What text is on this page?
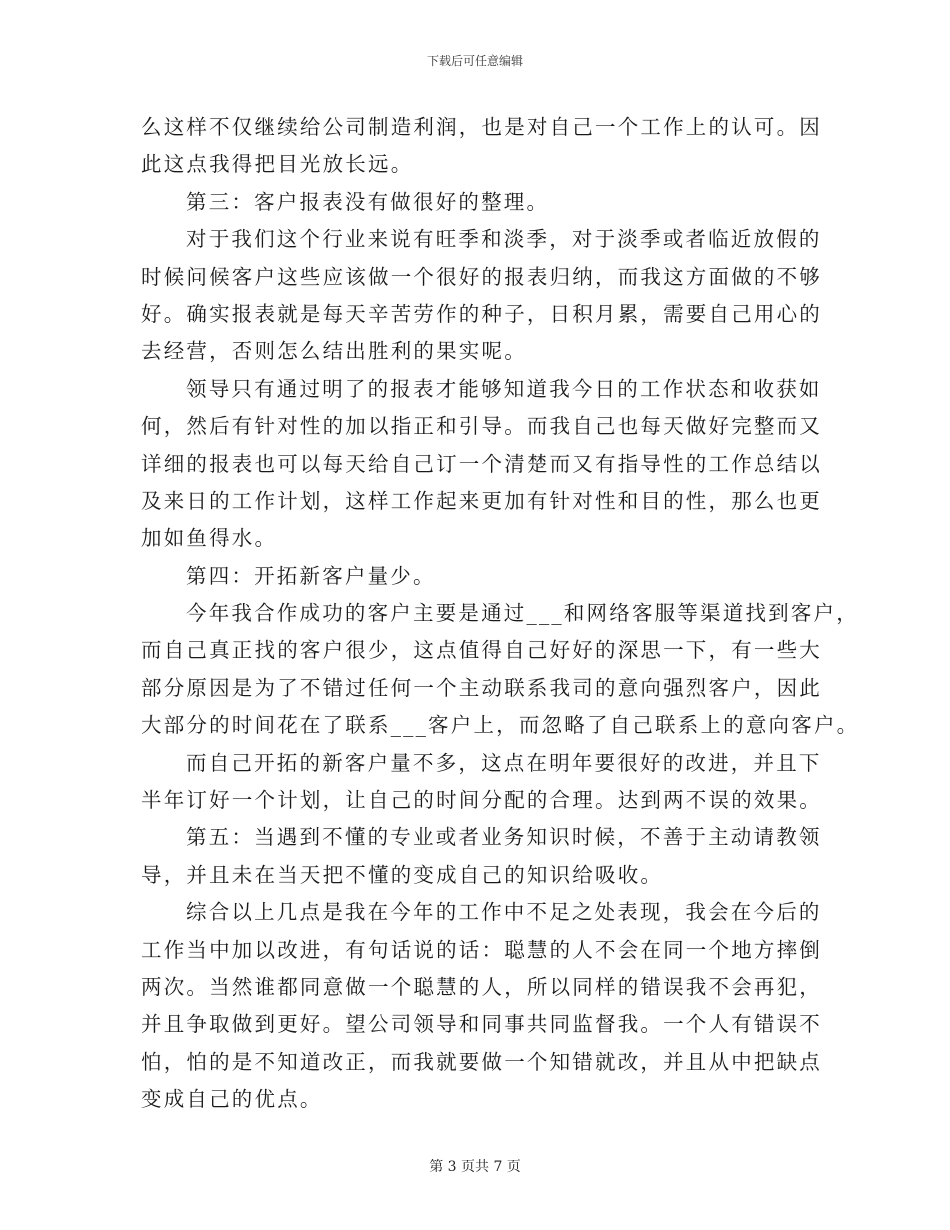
下载后可任意编辑
么这样不仅继续给公司制造利润，也是对自己一个工作上的认可。因
此这点我得把目光放长远。
第三：客户报表没有做很好的整理。
对于我们这个行业来说有旺季和淡季，对于淡季或者临近放假的
时候问候客户这些应该做一个很好的报表归纳，而我这方面做的不够
好。确实报表就是每天辛苦劳作的种子，日积月累，需要自己用心的
去经营，否则怎么结出胜利的果实呢。
领导只有通过明了的报表才能够知道我今日的工作状态和收获如
何，然后有针对性的加以指正和引导。而我自己也每天做好完整而又
详细的报表也可以每天给自己订一个清楚而又有指导性的工作总结以
及来日的工作计划，这样工作起来更加有针对性和目的性，那么也更
加如鱼得水。
第四：开拓新客户量少。
今年我合作成功的客户主要是通过___和网络客服等渠道找到客户，
而自己真正找的客户很少，这点值得自己好好的深思一下，有一些大
部分原因是为了不错过任何一个主动联系我司的意向强烈客户，因此
大部分的时间花在了联系___客户上，而忽略了自己联系上的意向客户。
而自己开拓的新客户量不多，这点在明年要很好的改进，并且下
半年订好一个计划，让自己的时间分配的合理。达到两不误的效果。
第五：当遇到不懂的专业或者业务知识时候，不善于主动请教领
导，并且未在当天把不懂的变成自己的知识给吸收。
综合以上几点是我在今年的工作中不足之处表现，我会在今后的
工作当中加以改进，有句话说的话：聪慧的人不会在同一个地方摔倒
两次。当然谁都同意做一个聪慧的人，所以同样的错误我不会再犯，
并且争取做到更好。望公司领导和同事共同监督我。一个人有错误不
怕，怕的是不知道改正，而我就要做一个知错就改，并且从中把缺点
变成自己的优点。
第 3 页共 7 页
